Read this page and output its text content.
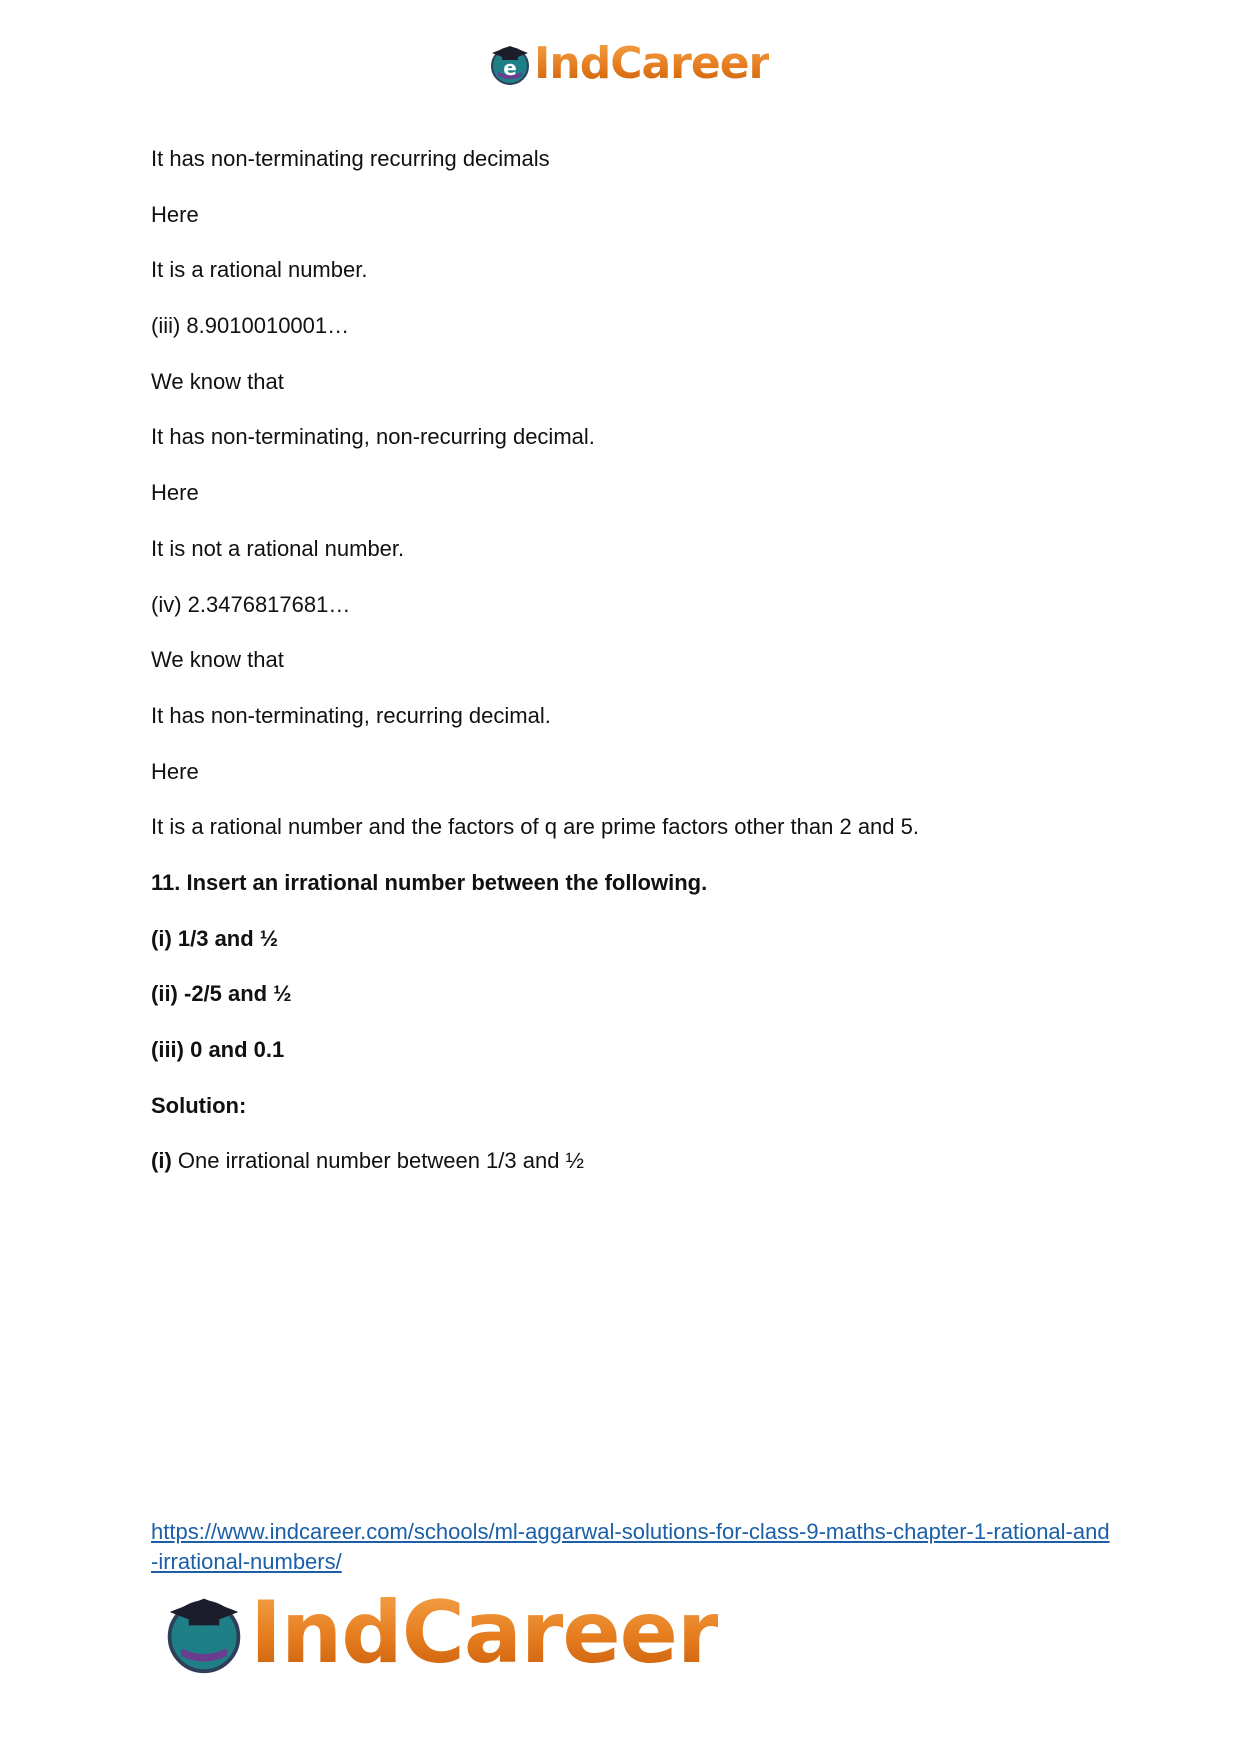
e IndCareer
It has non-terminating recurring decimals
Here
It is a rational number.
(iii) 8.9010010001…
We know that
It has non-terminating, non-recurring decimal.
Here
It is not a rational number.
(iv) 2.3476817681…
We know that
It has non-terminating, recurring decimal.
Here
It is a rational number and the factors of q are prime factors other than 2 and 5.
11. Insert an irrational number between the following.
(i) 1/3 and ½
(ii) -2/5 and ½
(iii) 0 and 0.1
Solution:
(i) One irrational number between 1/3 and ½
https://www.indcareer.com/schools/ml-aggarwal-solutions-for-class-9-maths-chapter-1-rational-and-irrational-numbers/
IndCareer
